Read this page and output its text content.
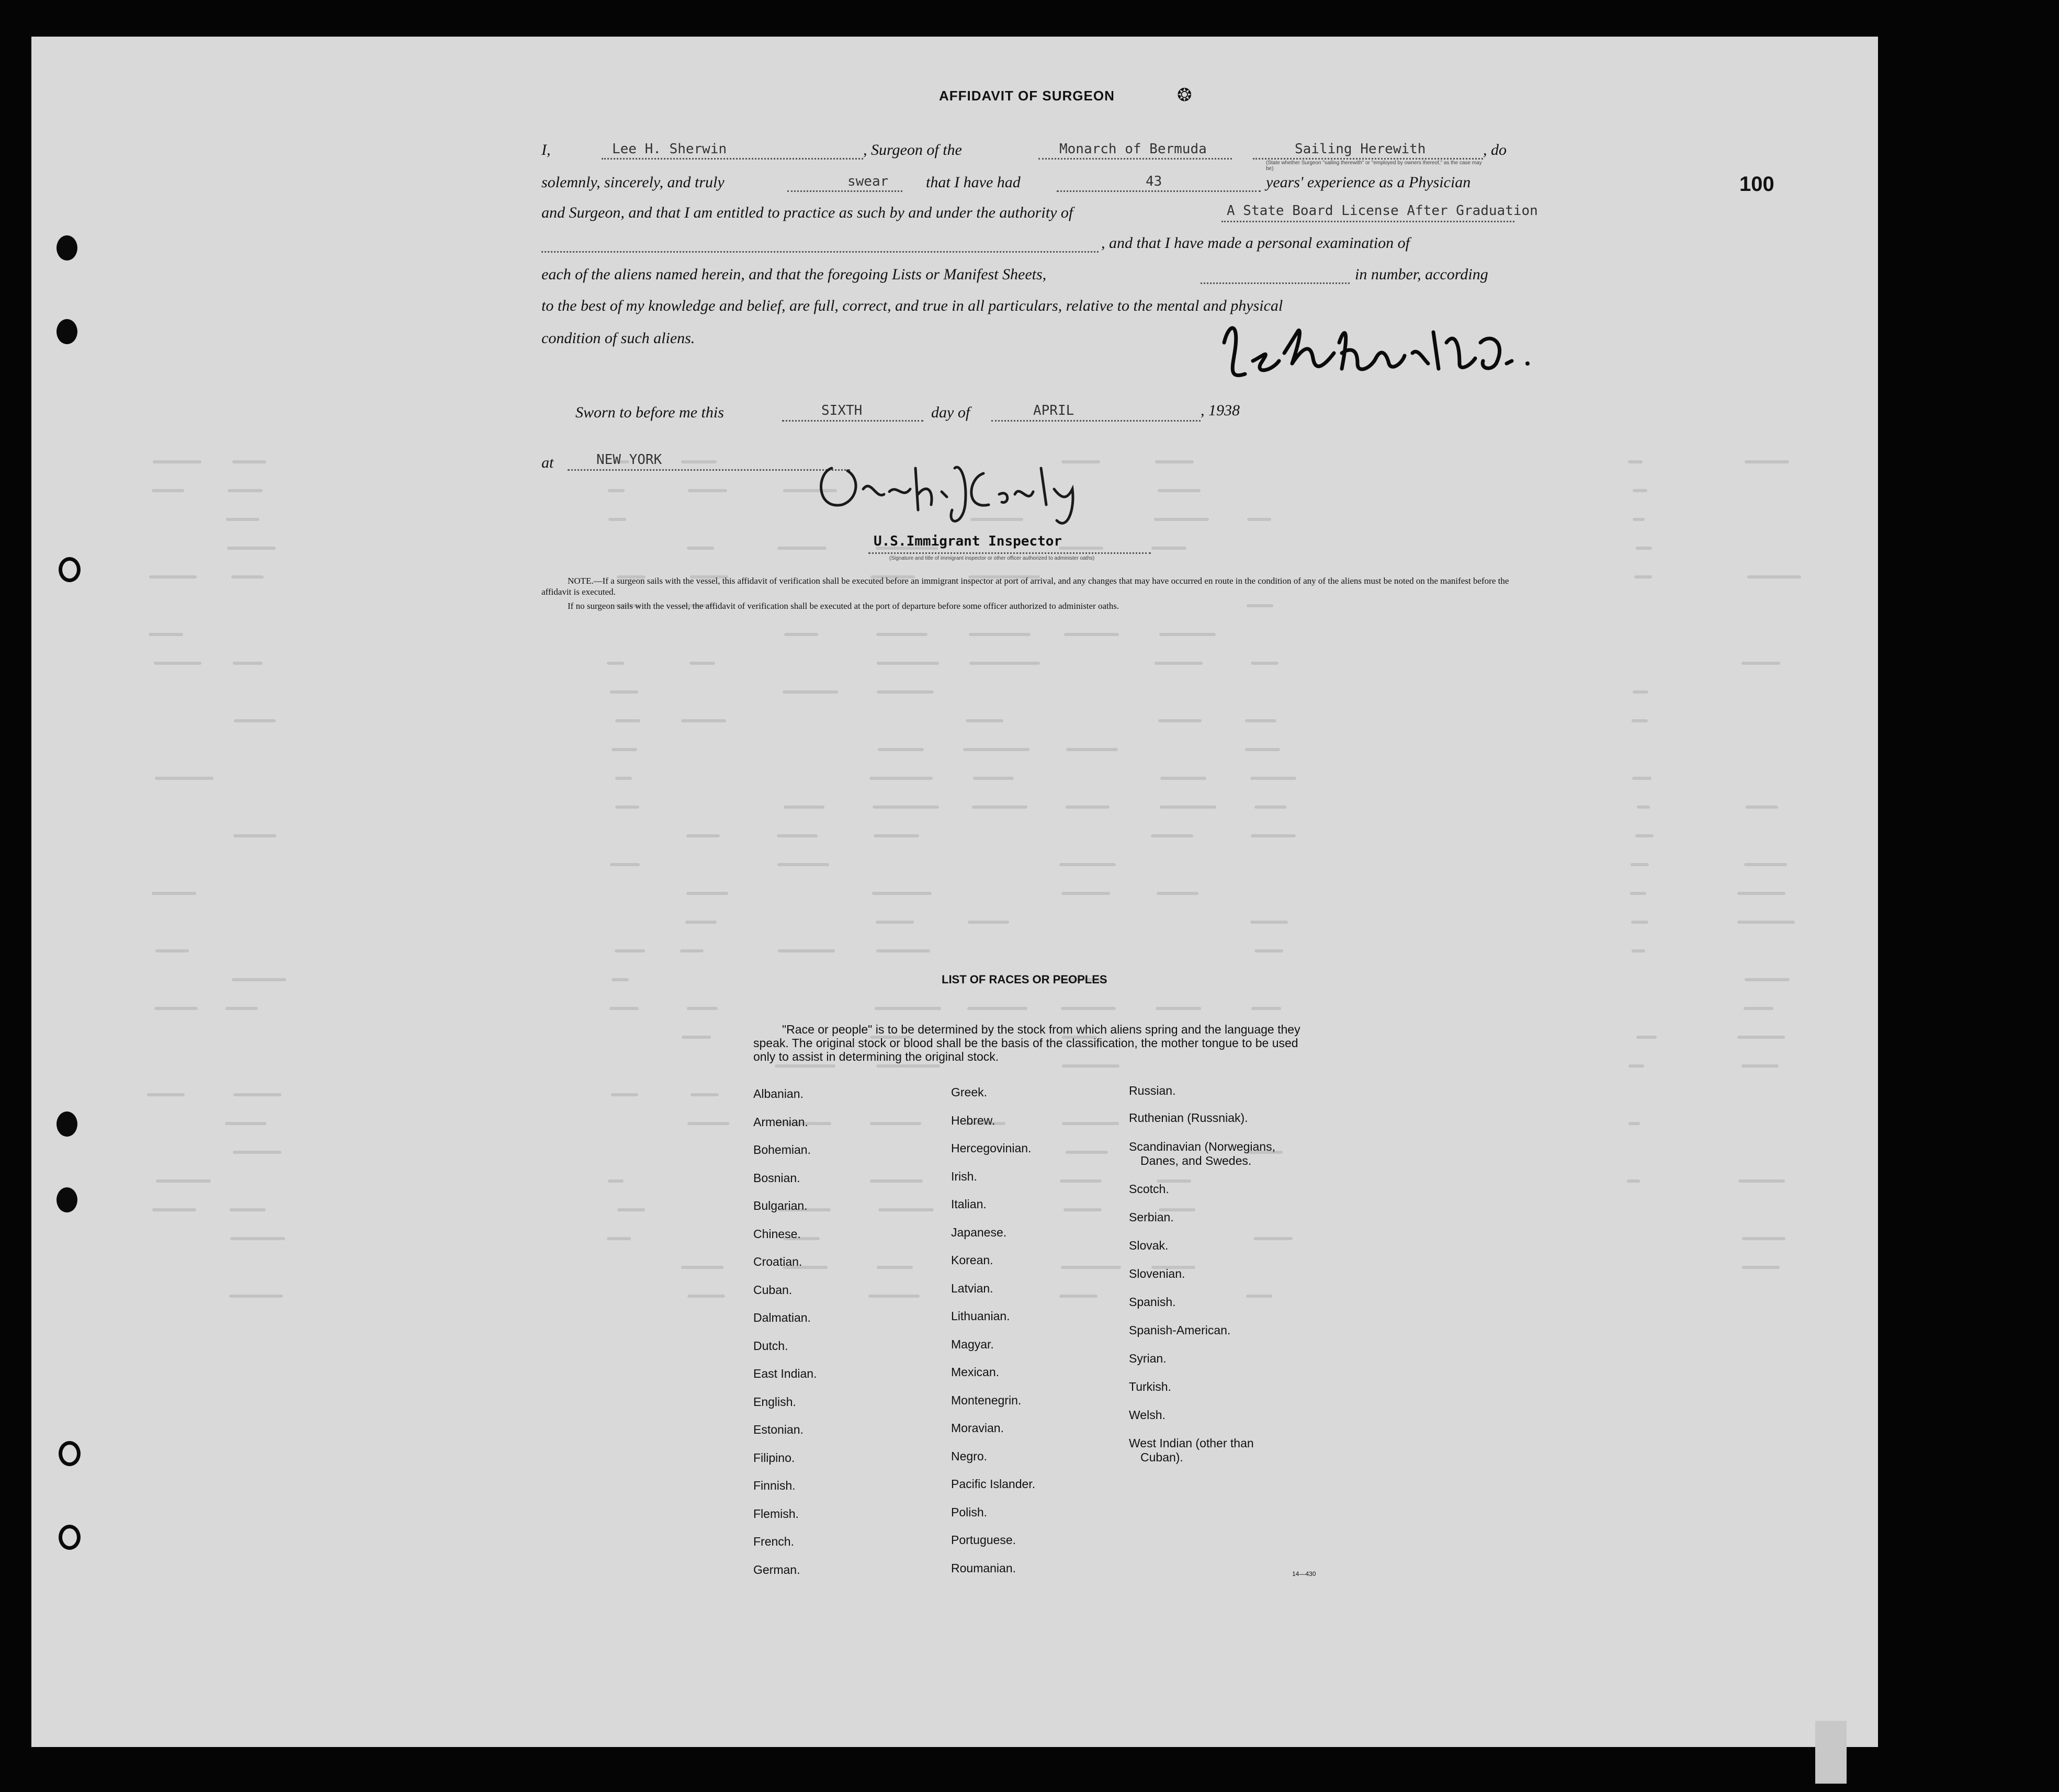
AFFIDAVIT OF SURGEON	❂
100
I,	Lee H. Sherwin	, Surgeon of the	Monarch of Bermuda	Sailing Herewith	, do
(State whether Surgeon "sailing therewith" or "employed by owners thereof," as the case may be)
solemnly, sincerely, and truly	swear that I have had	43	years' experience as a Physician
and Surgeon, and that I am entitled to practice as such by and under the authority of	A State Board License After Graduation
, and that I have made a personal examination of
each of the aliens named herein, and that the foregoing Lists or Manifest Sheets,	in number, according
to the best of my knowledge and belief, are full, correct, and true in all particulars, relative to the mental and physical
condition of such aliens.
Sworn to before me this	SIXTH	day of	APRIL	, 1938
at	NEW YORK
U.S.Immigrant Inspector
(Signature and title of immigrant inspector or other officer authorized to administer oaths)
NOTE.—If a surgeon sails with the vessel, this affidavit of verification shall be executed before an immigrant inspector at port of arrival, and any changes that may have occurred en route in the condition of any of the aliens must be noted on the manifest before the affidavit is executed.
If no surgeon sails with the vessel, the affidavit of verification shall be executed at the port of departure before some officer authorized to administer oaths.
LIST OF RACES OR PEOPLES
"Race or people" is to be determined by the stock from which aliens spring and the language they speak. The original stock or blood shall be the basis of the classification, the mother tongue to be used only to assist in determining the original stock.
Albanian.
Armenian.
Bohemian.
Bosnian.
Bulgarian.
Chinese.
Croatian.
Cuban.
Dalmatian.
Dutch.
East Indian.
English.
Estonian.
Filipino.
Finnish.
Flemish.
French.
German.
Greek.
Hebrew.
Hercegovinian.
Irish.
Italian.
Japanese.
Korean.
Latvian.
Lithuanian.
Magyar.
Mexican.
Montenegrin.
Moravian.
Negro.
Pacific Islander.
Polish.
Portuguese.
Roumanian.
Russian.
Ruthenian (Russniak).
Scandinavian (Norwegians,
Danes, and Swedes.
Scotch.
Serbian.
Slovak.
Slovenian.
Spanish.
Spanish-American.
Syrian.
Turkish.
Welsh.
West Indian (other than
Cuban).
14—430
